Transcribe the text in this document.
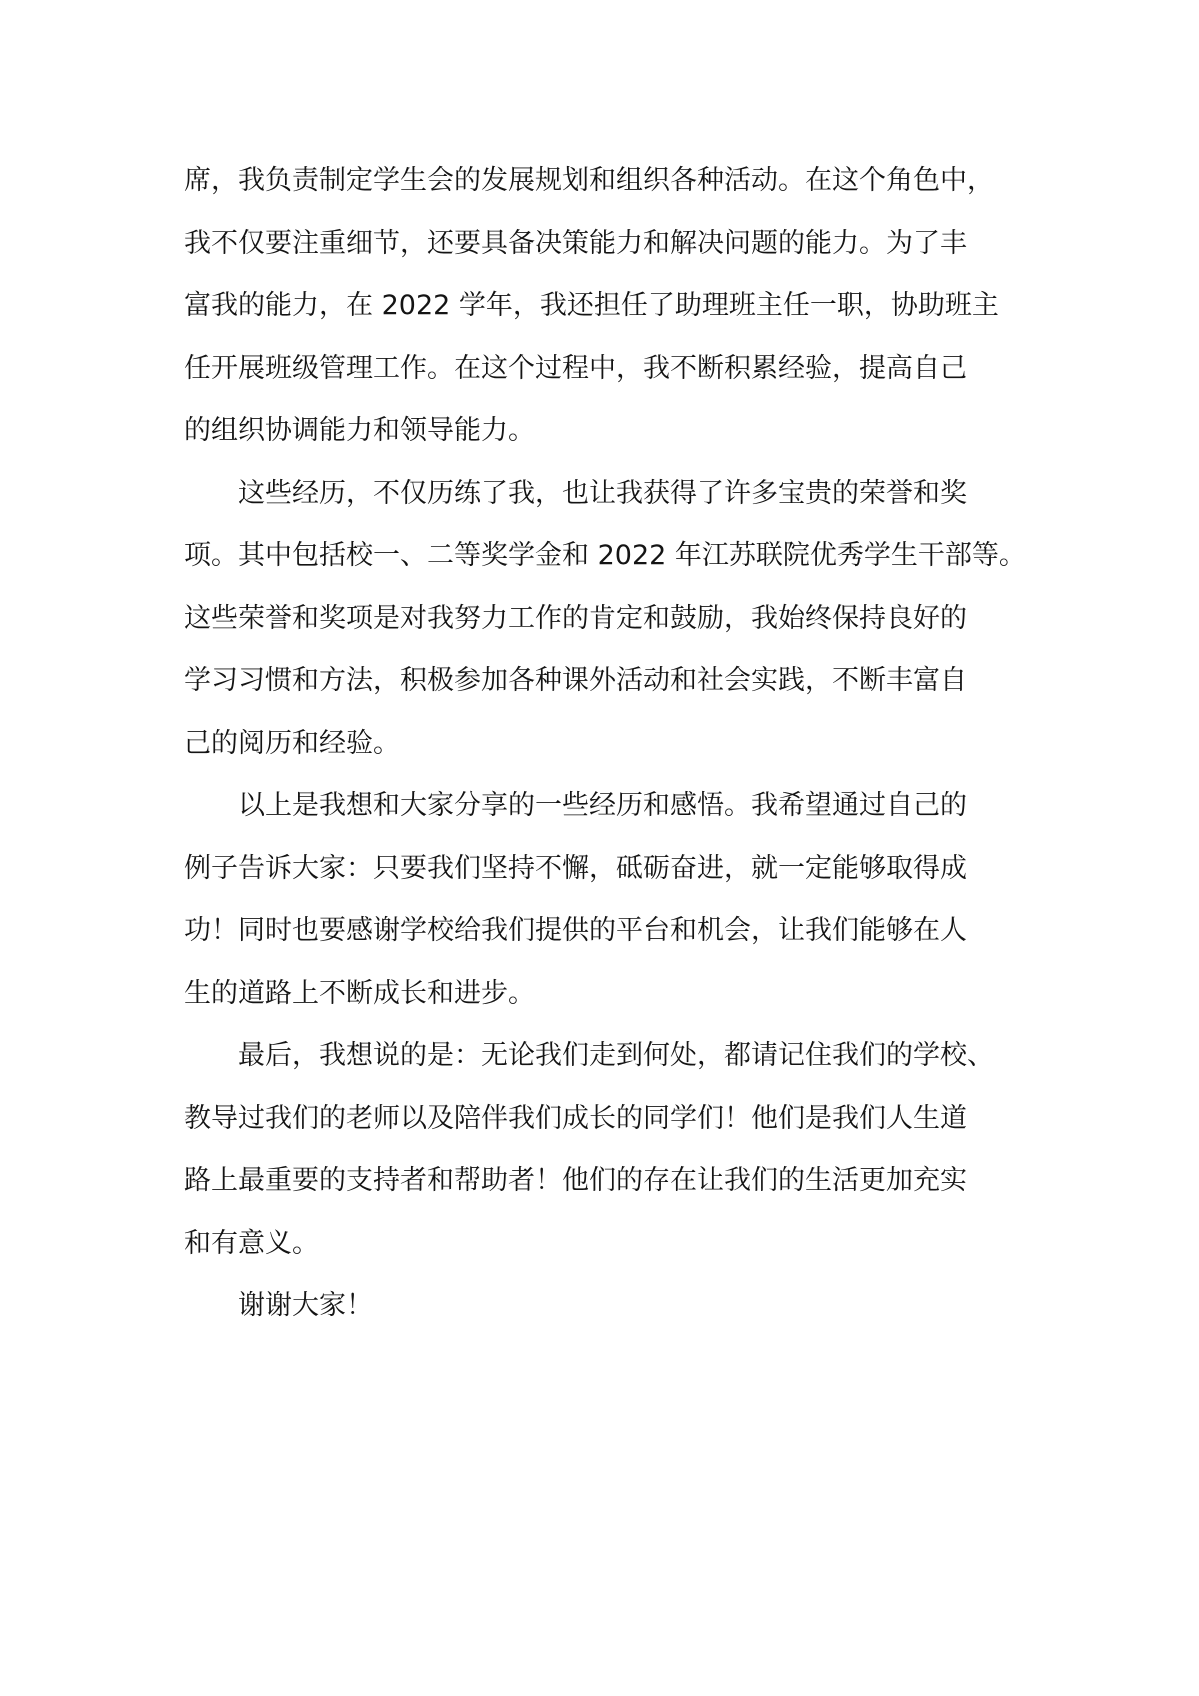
席，我负责制定学生会的发展规划和组织各种活动。在这个角色中，
我不仅要注重细节，还要具备决策能力和解决问题的能力。为了丰
富我的能力，在 2022 学年，我还担任了助理班主任一职，协助班主
任开展班级管理工作。在这个过程中，我不断积累经验，提高自己
的组织协调能力和领导能力。
这些经历，不仅历练了我，也让我获得了许多宝贵的荣誉和奖
项。其中包括校一、二等奖学金和 2022 年江苏联院优秀学生干部等。
这些荣誉和奖项是对我努力工作的肯定和鼓励，我始终保持良好的
学习习惯和方法，积极参加各种课外活动和社会实践，不断丰富自
己的阅历和经验。
以上是我想和大家分享的一些经历和感悟。我希望通过自己的
例子告诉大家：只要我们坚持不懈，砥砺奋进，就一定能够取得成
功！同时也要感谢学校给我们提供的平台和机会，让我们能够在人
生的道路上不断成长和进步。
最后，我想说的是：无论我们走到何处，都请记住我们的学校、
教导过我们的老师以及陪伴我们成长的同学们！他们是我们人生道
路上最重要的支持者和帮助者！他们的存在让我们的生活更加充实
和有意义。
谢谢大家！
